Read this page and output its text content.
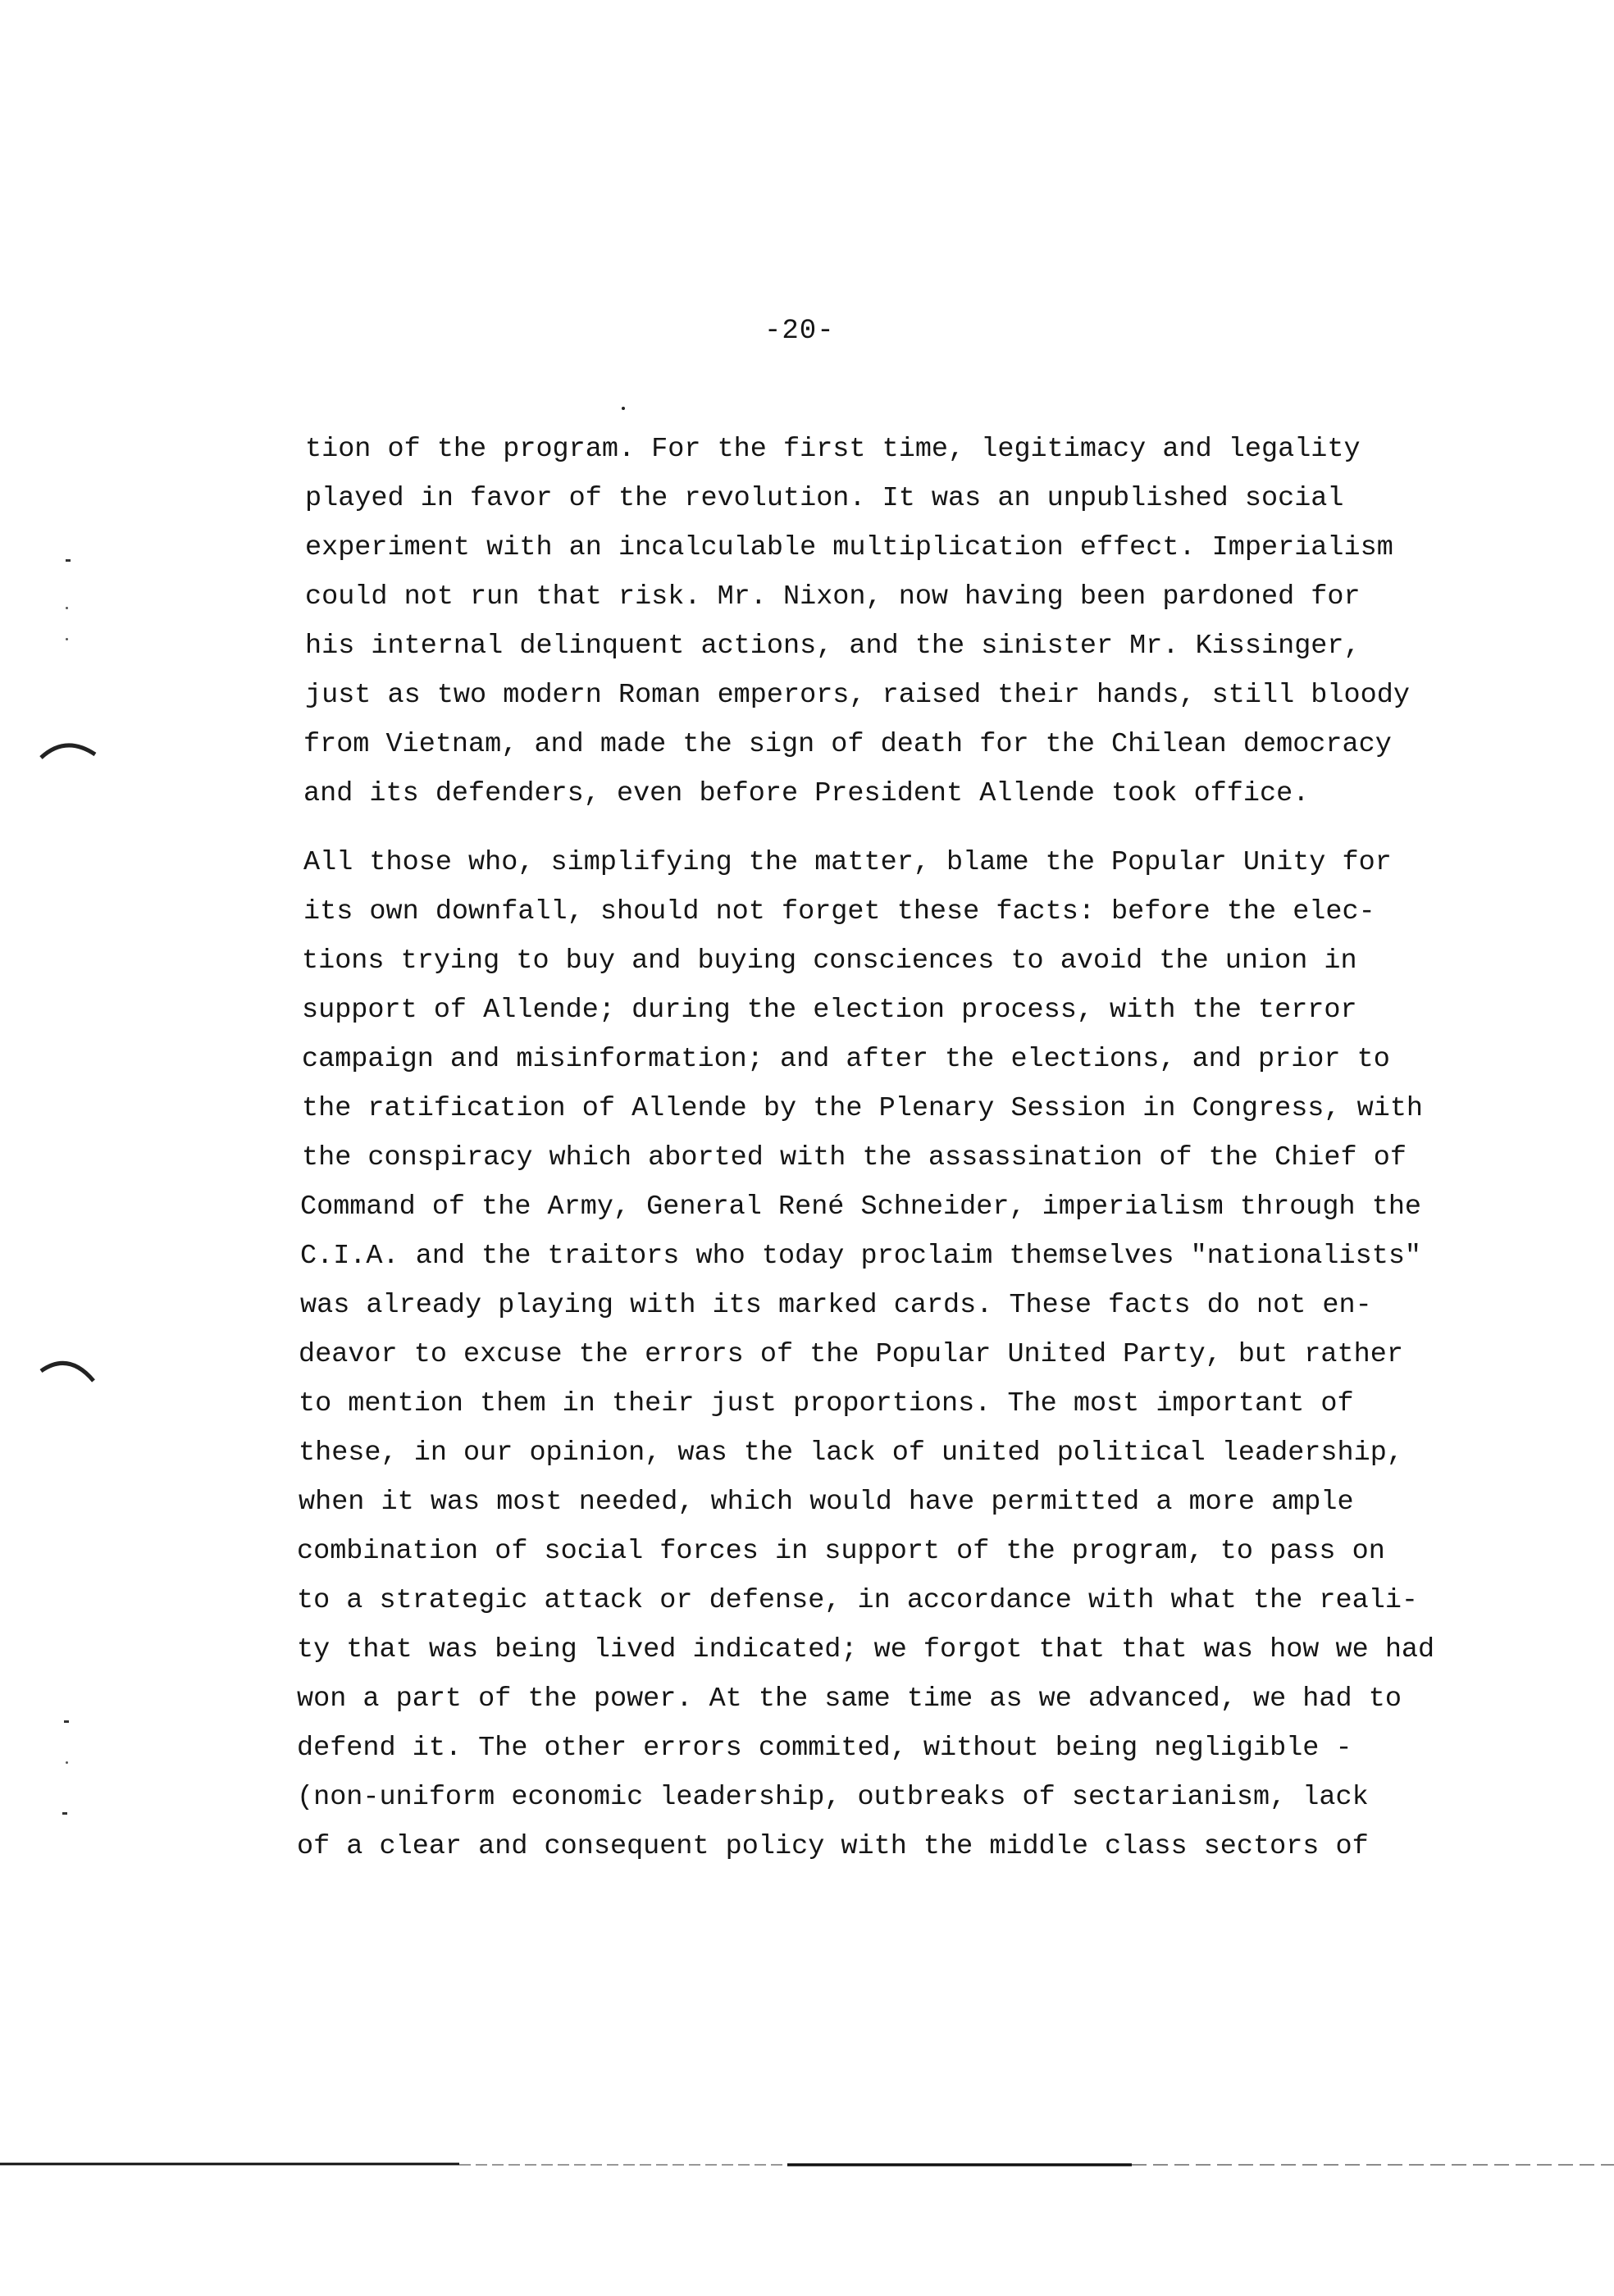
-20-
tion of the program. For the first time, legitimacy and legality
played in favor of the revolution. It was an unpublished social
experiment with an incalculable multiplication effect. Imperialism
could not run that risk. Mr. Nixon, now having been pardoned for
his internal delinquent actions, and the sinister Mr. Kissinger,
just as two modern Roman emperors, raised their hands, still bloody
from Vietnam, and made the sign of death for the Chilean democracy
and its defenders, even before President Allende took office.
All those who, simplifying the matter, blame the Popular Unity for
its own downfall, should not forget these facts: before the elec-
tions trying to buy and buying consciences to avoid the union in
support of Allende; during the election process, with the terror
campaign and misinformation; and after the elections, and prior to
the ratification of Allende by the Plenary Session in Congress, with
the conspiracy which aborted with the assassination of the Chief of
Command of the Army, General René Schneider, imperialism through the
C.I.A. and the traitors who today proclaim themselves "nationalists"
was already playing with its marked cards. These facts do not en-
deavor to excuse the errors of the Popular United Party, but rather
to mention them in their just proportions. The most important of
these, in our opinion, was the lack of united political leadership,
when it was most needed, which would have permitted a more ample
combination of social forces in support of the program, to pass on
to a strategic attack or defense, in accordance with what the reali-
ty that was being lived indicated; we forgot that that was how we had
won a part of the power. At the same time as we advanced, we had to
defend it. The other errors commited, without being negligible -
(non-uniform economic leadership, outbreaks of sectarianism, lack
of a clear and consequent policy with the middle class sectors of
